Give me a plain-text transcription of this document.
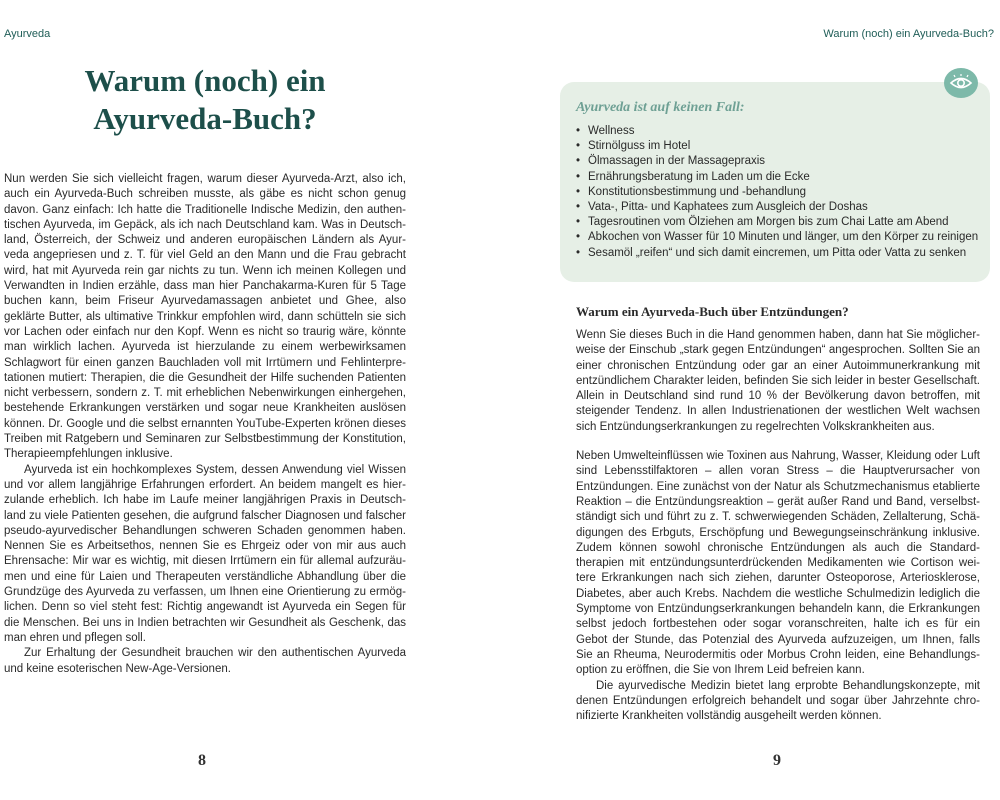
Ayurveda	Warum (noch) ein Ayurveda-Buch?
Warum (noch) ein
Ayurveda-Buch?

Nun werden Sie sich vielleicht fragen, warum dieser Ayurveda-Arzt, also ich, auch ein Ayurveda-Buch schreiben musste, als gäbe es nicht schon genug davon. Ganz einfach: Ich hatte die Traditionelle Indische Medizin, den authentischen Ayurveda, im Gepäck, als ich nach Deutschland kam. Was in Deutschland, Österreich, der Schweiz und anderen europäischen Ländern als Ayurveda angepriesen und z. T. für viel Geld an den Mann und die Frau gebracht wird, hat mit Ayurveda rein gar nichts zu tun. Wenn ich meinen Kollegen und Verwandten in Indien erzähle, dass man hier Panchakarma-Kuren für 5 Tage buchen kann, beim Friseur Ayurvedamassagen anbietet und Ghee, also geklärte Butter, als ultimative Trinkkur empfohlen wird, dann schütteln sie sich vor Lachen oder einfach nur den Kopf. Wenn es nicht so traurig wäre, könnte man wirklich lachen. Ayurveda ist hierzulande zu einem werbewirksamen Schlagwort für einen ganzen Bauchladen voll mit Irrtümern und Fehlinterpretationen mutiert: Therapien, die die Gesundheit der Hilfe suchenden Patienten nicht verbessern, sondern z. T. mit erheblichen Nebenwirkungen einhergehen, bestehende Erkrankungen verstärken und sogar neue Krankheiten auslösen können. Dr. Google und die selbst ernannten YouTube-Experten krönen dieses Treiben mit Ratgebern und Seminaren zur Selbstbestimmung der Konstitution, Therapieempfehlungen inklusive.

Ayurveda ist ein hochkomplexes System, dessen Anwendung viel Wissen und vor allem langjährige Erfahrungen erfordert. An beidem mangelt es hierzulande erheblich. Ich habe im Laufe meiner langjährigen Praxis in Deutschland zu viele Patienten gesehen, die aufgrund falscher Diagnosen und falscher pseudo-ayurvedischer Behandlungen schweren Schaden genommen haben. Nennen Sie es Arbeitsethos, nennen Sie es Ehrgeiz oder von mir aus auch Ehrensache: Mir war es wichtig, mit diesen Irrtümern ein für allemal aufzuräumen und eine für Laien und Therapeuten verständliche Abhandlung über die Grundzüge des Ayurveda zu verfassen, um Ihnen eine Orientierung zu ermöglichen. Denn so viel steht fest: Richtig angewandt ist Ayurveda ein Segen für die Menschen. Bei uns in Indien betrachten wir Gesundheit als Geschenk, das man ehren und pflegen soll.

Zur Erhaltung der Gesundheit brauchen wir den authentischen Ayurveda und keine esoterischen New-Age-Versionen.

8
Ayurveda ist auf keinen Fall:
• Wellness
• Stirnölguss im Hotel
• Ölmassagen in der Massagepraxis
• Ernährungsberatung im Laden um die Ecke
• Konstitutionsbestimmung und -behandlung
• Vata-, Pitta- und Kaphatees zum Ausgleich der Doshas
• Tagesroutinen vom Ölziehen am Morgen bis zum Chai Latte am Abend
• Abkochen von Wasser für 10 Minuten und länger, um den Körper zu reinigen
• Sesamöl „reifen“ und sich damit eincremen, um Pitta oder Vatta zu senken
Warum ein Ayurveda-Buch über Entzündungen?

Wenn Sie dieses Buch in die Hand genommen haben, dann hat Sie möglicherweise der Einschub „stark gegen Entzündungen“ angesprochen. Sollten Sie an einer chronischen Entzündung oder gar an einer Autoimmunerkrankung mit entzündlichem Charakter leiden, befinden Sie sich leider in bester Gesellschaft. Allein in Deutschland sind rund 10 % der Bevölkerung davon betroffen, mit steigender Tendenz. In allen Industrienationen der westlichen Welt wachsen sich Entzündungserkrankungen zu regelrechten Volkskrankheiten aus.

Neben Umwelteinflüssen wie Toxinen aus Nahrung, Wasser, Kleidung oder Luft sind Lebensstilfaktoren – allen voran Stress – die Hauptverursacher von Entzündungen. Eine zunächst von der Natur als Schutzmechanismus etablierte Reaktion – die Entzündungsreaktion – gerät außer Rand und Band, verselbstständigt sich und führt zu z. T. schwerwiegenden Schäden, Zellalterung, Schädigungen des Erbguts, Erschöpfung und Bewegungseinschränkung inklusive. Zudem können sowohl chronische Entzündungen als auch die Standardtherapien mit entzündungsunterdrückenden Medikamenten wie Cortison weitere Erkrankungen nach sich ziehen, darunter Osteoporose, Arteriosklerose, Diabetes, aber auch Krebs. Nachdem die westliche Schulmedizin lediglich die Symptome von Entzündungserkrankungen behandeln kann, die Erkrankungen selbst jedoch fortbestehen oder sogar voranschreiten, halte ich es für ein Gebot der Stunde, das Potenzial des Ayurveda aufzuzeigen, um Ihnen, falls Sie an Rheuma, Neurodermitis oder Morbus Crohn leiden, eine Behandlungsoption zu eröffnen, die Sie von Ihrem Leid befreien kann.

Die ayurvedische Medizin bietet lang erprobte Behandlungskonzepte, mit denen Entzündungen erfolgreich behandelt und sogar über Jahrzehnte chronifizierte Krankheiten vollständig ausgeheilt werden können.

9
